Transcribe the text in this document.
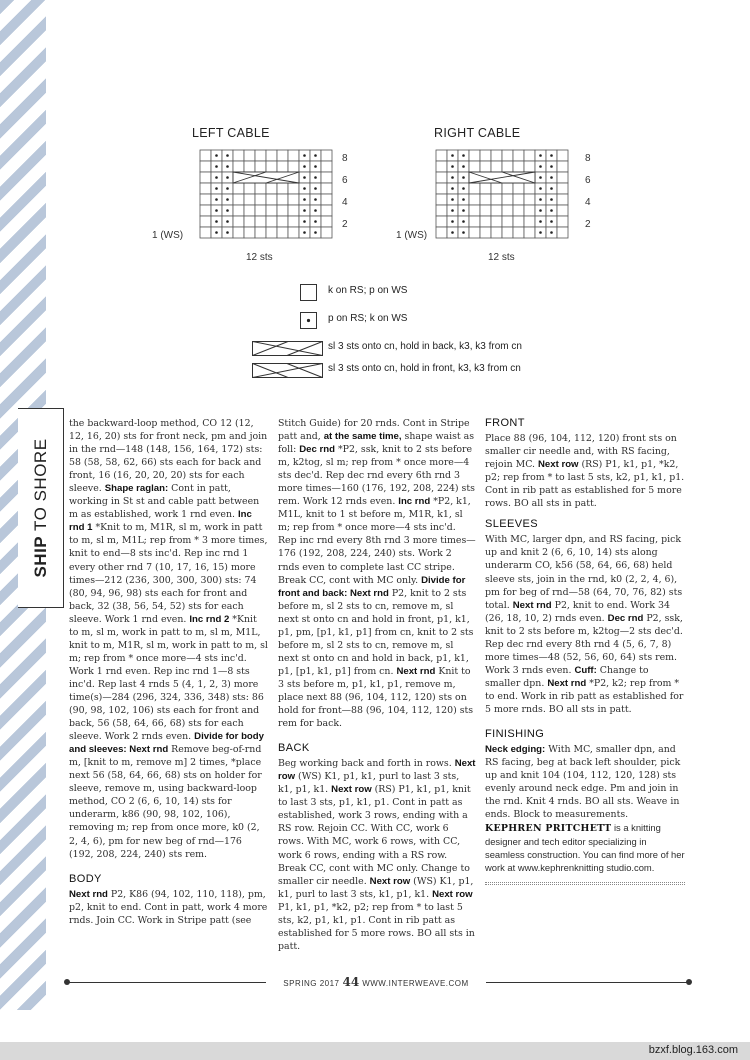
SHIP TO SHORE
LEFT CABLE
8
6
4
2
1 (WS)
12 sts
RIGHT CABLE
8
6
4
2
1 (WS)
12 sts
k on RS; p on WS
p on RS; k on WS
sl 3 sts onto cn, hold in back, k3, k3 from cn
sl 3 sts onto cn, hold in front, k3, k3 from cn

the backward-loop method, CO 12 (12, 12, 16, 20) sts for front neck, pm and join in the rnd—148 (148, 156, 164, 172) sts: 58 (58, 58, 62, 66) sts each for back and front, 16 (16, 20, 20, 20) sts for each sleeve. Shape raglan: Cont in patt, working in St st and cable patt between m as established, work 1 rnd even. Inc rnd 1 *Knit to m, M1R, sl m, work in patt to m, sl m, M1L; rep from * 3 more times, knit to end—8 sts inc'd. Rep inc rnd 1 every other rnd 7 (10, 17, 16, 15) more times—212 (236, 300, 300, 300) sts: 74 (80, 94, 96, 98) sts each for front and back, 32 (38, 56, 54, 52) sts for each sleeve. Work 1 rnd even. Inc rnd 2 *Knit to m, sl m, work in patt to m, sl m, M1L, knit to m, M1R, sl m, work in patt to m, sl m; rep from * once more—4 sts inc'd. Work 1 rnd even. Rep inc rnd 1—8 sts inc'd. Rep last 4 rnds 5 (4, 1, 2, 3) more time(s)—284 (296, 324, 336, 348) sts: 86 (90, 98, 102, 106) sts each for front and back, 56 (58, 64, 66, 68) sts for each sleeve. Work 2 rnds even. Divide for body and sleeves: Next rnd Remove beg-of-rnd m, [knit to m, remove m] 2 times, *place next 56 (58, 64, 66, 68) sts on holder for sleeve, remove m, using backward-loop method, CO 2 (6, 6, 10, 14) sts for underarm, k86 (90, 98, 102, 106), removing m; rep from once more, k0 (2, 2, 4, 6), pm for new beg of rnd—176 (192, 208, 224, 240) sts rem.

BODY

Next rnd P2, K86 (94, 102, 110, 118), pm, p2, knit to end. Cont in patt, work 4 more rnds. Join CC. Work in Stripe patt (see

Stitch Guide) for 20 rnds. Cont in Stripe patt and, at the same time, shape waist as foll: Dec rnd *P2, ssk, knit to 2 sts before m, k2tog, sl m; rep from * once more—4 sts dec'd. Rep dec rnd every 6th rnd 3 more times—160 (176, 192, 208, 224) sts rem. Work 12 rnds even. Inc rnd *P2, k1, M1L, knit to 1 st before m, M1R, k1, sl m; rep from * once more—4 sts inc'd. Rep inc rnd every 8th rnd 3 more times—176 (192, 208, 224, 240) sts. Work 2 rnds even to complete last CC stripe. Break CC, cont with MC only. Divide for front and back: Next rnd P2, knit to 2 sts before m, sl 2 sts to cn, remove m, sl next st onto cn and hold in front, p1, k1, p1, pm, [p1, k1, p1] from cn, knit to 2 sts before m, sl 2 sts to cn, remove m, sl next st onto cn and hold in back, p1, k1, p1, [p1, k1, p1] from cn. Next rnd Knit to 3 sts before m, p1, k1, p1, remove m, place next 88 (96, 104, 112, 120) sts on hold for front—88 (96, 104, 112, 120) sts rem for back.

BACK

Beg working back and forth in rows. Next row (WS) K1, p1, k1, purl to last 3 sts, k1, p1, k1. Next row (RS) P1, k1, p1, knit to last 3 sts, p1, k1, p1. Cont in patt as established, work 3 rows, ending with a RS row. Rejoin CC. With CC, work 6 rows. With MC, work 6 rows, with CC, work 6 rows, ending with a RS row. Break CC, cont with MC only. Change to smaller cir needle. Next row (WS) K1, p1, k1, purl to last 3 sts, k1, p1, k1. Next row P1, k1, p1, *k2, p2; rep from * to last 5 sts, k2, p1, k1, p1. Cont in rib patt as established for 5 more rows. BO all sts in patt.

FRONT

Place 88 (96, 104, 112, 120) front sts on smaller cir needle and, with RS facing, rejoin MC. Next row (RS) P1, k1, p1, *k2, p2; rep from * to last 5 sts, k2, p1, k1, p1. Cont in rib patt as established for 5 more rows. BO all sts in patt.

SLEEVES

With MC, larger dpn, and RS facing, pick up and knit 2 (6, 6, 10, 14) sts along underarm CO, k56 (58, 64, 66, 68) held sleeve sts, join in the rnd, k0 (2, 2, 4, 6), pm for beg of rnd—58 (64, 70, 76, 82) sts total. Next rnd P2, knit to end. Work 34 (26, 18, 10, 2) rnds even. Dec rnd P2, ssk, knit to 2 sts before m, k2tog—2 sts dec'd. Rep dec rnd every 8th rnd 4 (5, 6, 7, 8) more times—48 (52, 56, 60, 64) sts rem. Work 3 rnds even. Cuff: Change to smaller dpn. Next rnd *P2, k2; rep from * to end. Work in rib patt as established for 5 more rnds. BO all sts in patt.

FINISHING

Neck edging: With MC, smaller dpn, and RS facing, beg at back left shoulder, pick up and knit 104 (104, 112, 120, 128) sts evenly around neck edge. Pm and join in the rnd. Knit 4 rnds. BO all sts. Weave in ends. Block to measurements.

KEPHREN PRITCHETT is a knitting designer and tech editor specializing in seamless construction. You can find more of her work at www.kephrenknitting studio.com.

SPRING 2017 44 WWW.INTERWEAVE.COM
bzxf.blog.163.com
